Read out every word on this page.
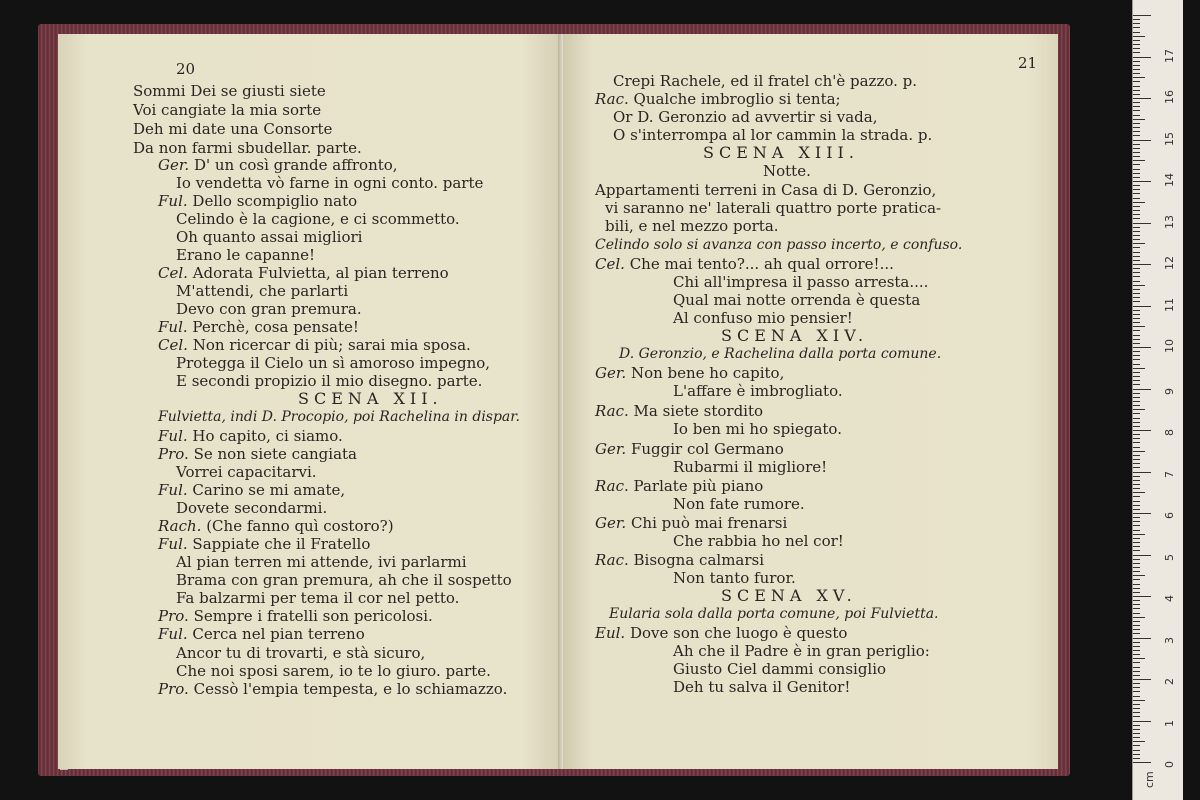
20
Sommi Dei se giusti siete
Voi cangiate la mia sorte
Deh mi date una Consorte
Da non farmi sbudellar. parte.
Ger. D' un così grande affronto,
Io vendetta vò farne in ogni conto. parte
Ful. Dello scompiglio nato
Celindo è la cagione, e ci scommetto.
Oh quanto assai migliori
Erano le capanne!
Cel. Adorata Fulvietta, al pian terreno
M'attendi, che parlarti
Devo con gran premura.
Ful. Perchè, cosa pensate!
Cel. Non ricercar di più; sarai mia sposa.
Protegga il Cielo un sì amoroso impegno,
E secondi propizio il mio disegno. parte.
SCENA XII.
Fulvietta, indi D. Procopio, poi Rachelina in dispar.
Ful. Ho capito, ci siamo.
Pro. Se non siete cangiata
Vorrei capacitarvi.
Ful. Carino se mi amate,
Dovete secondarmi.
Rach. (Che fanno quì costoro?)
Ful. Sappiate che il Fratello
Al pian terren mi attende, ivi parlarmi
Brama con gran premura, ah che il sospetto
Fa balzarmi per tema il cor nel petto.
Pro. Sempre i fratelli son pericolosi.
Ful. Cerca nel pian terreno
Ancor tu di trovarti, e stà sicuro,
Che noi sposi sarem, io te lo giuro. parte.
Pro. Cessò l'empia tempesta, e lo schiamazzo.
21
Crepi Rachele, ed il fratel ch'è pazzo. p.
Rac. Qualche imbroglio si tenta;
Or D. Geronzio ad avvertir si vada,
O s'interrompa al lor cammin la strada. p.
SCENA XIII.
Notte.
Appartamenti terreni in Casa di D. Geronzio,
vi saranno ne' laterali quattro porte pratica-
bili, e nel mezzo porta.
Celindo solo si avanza con passo incerto, e confuso.
Cel. Che mai tento?... ah qual orrore!...
Chi all'impresa il passo arresta....
Qual mai notte orrenda è questa
Al confuso mio pensier!
SCENA XIV.
D. Geronzio, e Rachelina dalla porta comune.
Ger. Non bene ho capito,
L'affare è imbrogliato.
Rac. Ma siete stordito
Io ben mi ho spiegato.
Ger. Fuggir col Germano
Rubarmi il migliore!
Rac. Parlate più piano
Non fate rumore.
Ger. Chi può mai frenarsi
Che rabbia ho nel cor!
Rac. Bisogna calmarsi
Non tanto furor.
SCENA XV.
Eularia sola dalla porta comune, poi Fulvietta.
Eul. Dove son che luogo è questo
Ah che il Padre è in gran periglio:
Giusto Ciel dammi consiglio
Deh tu salva il Genitor!
cm
0
1
2
3
4
5
6
7
8
9
10
11
12
13
14
15
16
17
